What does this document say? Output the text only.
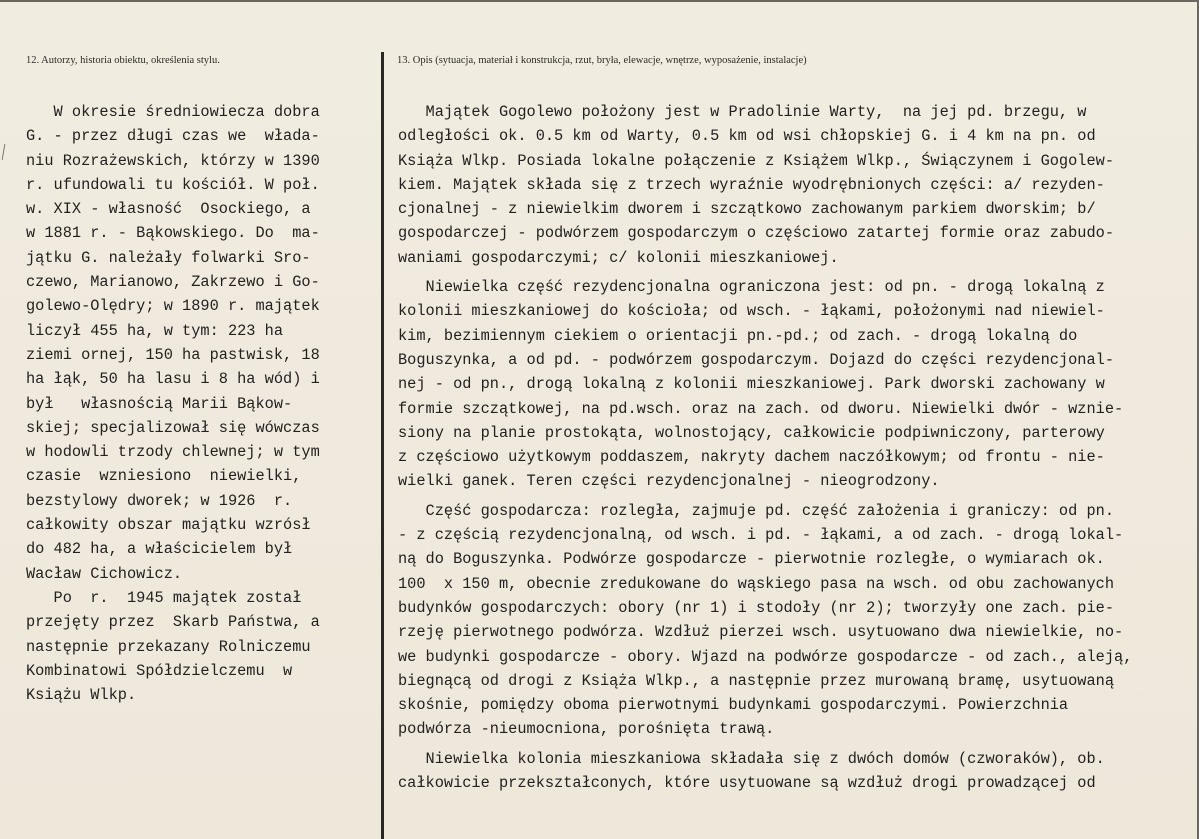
12. Autorzy, historia obiektu, określenia stylu.	13. Opis (sytuacja, materiał i konstrukcja, rzut, bryła, elewacje, wnętrze, wyposażenie, instalacje)
W okresie średniowiecza dobra
G. - przez długi czas we  włada-
niu Rozrażewskich, którzy w 1390
r. ufundowali tu kościół. W poł.
w. XIX - własność  Osockiego, a
w 1881 r. - Bąkowskiego. Do  ma-
jątku G. należały folwarki Sro-
czewo, Marianowo, Zakrzewo i Go-
golewo-Olędry; w 1890 r. majątek
liczył 455 ha, w tym: 223 ha
ziemi ornej, 150 ha pastwisk, 18
ha łąk, 50 ha lasu i 8 ha wód) i
był   własnością Marii Bąkow-
skiej; specjalizował się wówczas
w hodowli trzody chlewnej; w tym
czasie  wzniesiono  niewielki,
bezstylowy dworek; w 1926  r.
całkowity obszar majątku wzrósł
do 482 ha, a właścicielem był
Wacław Cichowicz.
Po  r.  1945 majątek został
przejęty przez  Skarb Państwa, a
następnie przekazany Rolniczemu
Kombinatowi Spółdzielczemu  w
Książu Wlkp.
Majątek Gogolewo położony jest w Pradolinie Warty,  na jej pd. brzegu, w
odległości ok. 0.5 km od Warty, 0.5 km od wsi chłopskiej G. i 4 km na pn. od
Książa Wlkp. Posiada lokalne połączenie z Książem Wlkp., Świączynem i Gogolew-
kiem. Majątek składa się z trzech wyraźnie wyodrębnionych części: a/ rezyden-
cjonalnej - z niewielkim dworem i szczątkowo zachowanym parkiem dworskim; b/
gospodarczej - podwórzem gospodarczym o częściowo zatartej formie oraz zabudo-
waniami gospodarczymi; c/ kolonii mieszkaniowej.
Niewielka część rezydencjonalna ograniczona jest: od pn. - drogą lokalną z
kolonii mieszkaniowej do kościoła; od wsch. - łąkami, położonymi nad niewiel-
kim, bezimiennym ciekiem o orientacji pn.-pd.; od zach. - drogą lokalną do
Boguszynka, a od pd. - podwórzem gospodarczym. Dojazd do części rezydencjonal-
nej - od pn., drogą lokalną z kolonii mieszkaniowej. Park dworski zachowany w
formie szczątkowej, na pd.wsch. oraz na zach. od dworu. Niewielki dwór - wznie-
siony na planie prostokąta, wolnostojący, całkowicie podpiwniczony, parterowy
z częściowo użytkowym poddaszem, nakryty dachem naczółkowym; od frontu - nie-
wielki ganek. Teren części rezydencjonalnej - nieogrodzony.
Część gospodarcza: rozległa, zajmuje pd. część założenia i graniczy: od pn.
- z częścią rezydencjonalną, od wsch. i pd. - łąkami, a od zach. - drogą lokal-
ną do Boguszynka. Podwórze gospodarcze - pierwotnie rozległe, o wymiarach ok.
100  x 150 m, obecnie zredukowane do wąskiego pasa na wsch. od obu zachowanych
budynków gospodarczych: obory (nr 1) i stodoły (nr 2); tworzyły one zach. pie-
rzeję pierwotnego podwórza. Wzdłuż pierzei wsch. usytuowano dwa niewielkie, no-
we budynki gospodarcze - obory. Wjazd na podwórze gospodarcze - od zach., aleją,
biegnącą od drogi z Książa Wlkp., a następnie przez murowaną bramę, usytuowaną
skośnie, pomiędzy oboma pierwotnymi budynkami gospodarczymi. Powierzchnia
podwórza -nieumocniona, porośnięta trawą.
Niewielka kolonia mieszkaniowa składała się z dwóch domów (czworaków), ob.
całkowicie przekształconych, które usytuowane są wzdłuż drogi prowadzącej od
